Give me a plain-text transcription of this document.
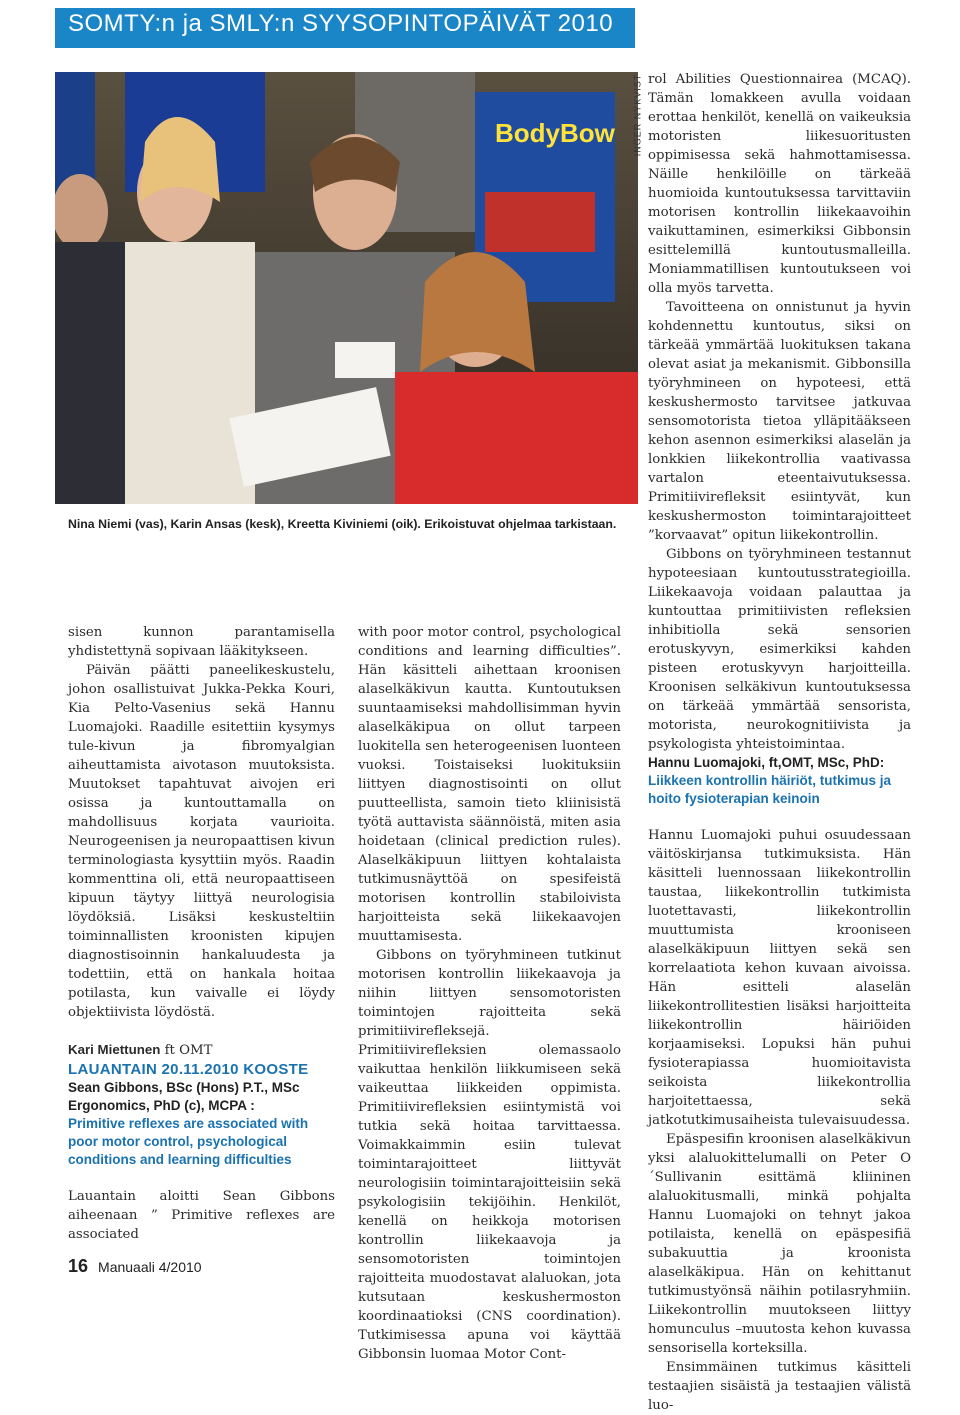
SOMTY:n ja SMLY:n SYYSOPINTOPÄIVÄT 2010
BodyBow INGER NYKVIST
Nina Niemi (vas), Karin Ansas (kesk), Kreetta Kiviniemi (oik). Erikoistuvat ohjelmaa tarkistaan.

sisen kunnon parantamisella yhdistettynä sopivaan lääkitykseen.

Päivän päätti paneelikeskustelu, johon osallistuivat Jukka-Pekka Kouri, Kia Pelto-Vasenius sekä Hannu Luomajoki. Raadille esitettiin kysymys tule-kivun ja fibromyalgian aiheuttamista aivotason muutoksista. Muutokset tapahtuvat aivojen eri osissa ja kuntouttamalla on mahdollisuus korjata vaurioita. Neurogeenisen ja neuropaattisen kivun terminologiasta kysyttiin myös. Raadin kommenttina oli, että neuropaattiseen kipuun täytyy liittyä neurologisia löydöksiä. Lisäksi keskusteltiin toiminnallisten kroonisten kipujen diagnostisoinnin hankaluudesta ja todettiin, että on hankala hoitaa potilasta, kun vaivalle ei löydy objektiivista löydöstä.

Kari Miettunen ft OMT

LAUANTAIN 20.11.2010 KOOSTE

Sean Gibbons, BSc (Hons) P.T., MSc Ergonomics, PhD (c), MCPA :
Primitive reflexes are associated with poor motor control, psychological conditions and learning difficulties

Lauantain aloitti Sean Gibbons aiheenaan ” Primitive reflexes are associated

with poor motor control, psychological conditions and learning difficulties”. Hän käsitteli aihettaan kroonisen alaselkäkivun kautta. Kuntoutuksen suuntaamiseksi mahdollisimman hyvin alaselkäkipua on ollut tarpeen luokitella sen heterogeenisen luonteen vuoksi. Toistaiseksi luokituksiin liittyen diagnostisointi on ollut puutteellista, samoin tieto kliinisistä työtä auttavista säännöistä, miten asia hoidetaan (clinical prediction rules). Alaselkäkipuun liittyen kohtalaista tutkimusnäyttöä on spesifeistä motorisen kontrollin stabiloivista harjoitteista sekä liikekaavojen muuttamisesta.

Gibbons on työryhmineen tutkinut motorisen kontrollin liikekaavoja ja niihin liittyen sensomotoristen toimintojen rajoitteita sekä primitiivirefleksejä. Primitiivirefleksien olemassaolo vaikuttaa henkilön liikkumiseen sekä vaikeuttaa liikkeiden oppimista. Primitiivirefleksien esiintymistä voi tutkia sekä hoitaa tarvittaessa. Voimakkaimmin esiin tulevat toimintarajoitteet liittyvät neurologisiin toimintarajoitteisiin sekä psykologisiin tekijöihin. Henkilöt, kenellä on heikkoja motorisen kontrollin liikekaavoja ja sensomotoristen toimintojen rajoitteita muodostavat alaluokan, jota kutsutaan keskushermoston koordinaatioksi (CNS coordination). Tutkimisessa apuna voi käyttää Gibbonsin luomaa Motor Cont-

rol Abilities Questionnairea (MCAQ). Tämän lomakkeen avulla voidaan erottaa henkilöt, kenellä on vaikeuksia motoristen liikesuoritusten oppimisessa sekä hahmottamisessa. Näille henkilöille on tärkeää huomioida kuntoutuksessa tarvittaviin motorisen kontrollin liikekaavoihin vaikuttaminen, esimerkiksi Gibbonsin esittelemillä kuntoutusmalleilla. Moniammatillisen kuntoutukseen voi olla myös tarvetta.

Tavoitteena on onnistunut ja hyvin kohdennettu kuntoutus, siksi on tärkeää ymmärtää luokituksen takana olevat asiat ja mekanismit. Gibbonsilla työryhmineen on hypoteesi, että keskushermosto tarvitsee jatkuvaa sensomotorista tietoa ylläpitääkseen kehon asennon esimerkiksi alaselän ja lonkkien liikekontrollia vaativassa vartalon eteentaivutuksessa. Primitiivirefleksit esiintyvät, kun keskushermoston toimintarajoitteet ”korvaavat” opitun liikekontrollin.

Gibbons on työryhmineen testannut hypoteesiaan kuntoutusstrategioilla. Liikekaavoja voidaan palauttaa ja kuntouttaa primitiivisten refleksien inhibitiolla sekä sensorien erotuskyvyn, esimerkiksi kahden pisteen erotuskyvyn harjoitteilla. Kroonisen selkäkivun kuntoutuksessa on tärkeää ymmärtää sensorista, motorista, neurokognitiivista ja psykologista yhteistoimintaa.

Hannu Luomajoki, ft,OMT, MSc, PhD:
Liikkeen kontrollin häiriöt, tutkimus ja hoito fysioterapian keinoin

Hannu Luomajoki puhui osuudessaan väitöskirjansa tutkimuksista. Hän käsitteli luennossaan liikekontrollin taustaa, liikekontrollin tutkimista luotettavasti, liikekontrollin muuttumista krooniseen alaselkäkipuun liittyen sekä sen korrelaatiota kehon kuvaan aivoissa. Hän esitteli alaselän liikekontrollitestien lisäksi harjoitteita liikekontrollin häiriöiden korjaamiseksi. Lopuksi hän puhui fysioterapiassa huomioitavista seikoista liikekontrollia harjoitettaessa, sekä jatkotutkimusaiheista tulevaisuudessa.

Epäspesifin kroonisen alaselkäkivun yksi alaluokittelumalli on Peter O´Sullivanin esittämä kliininen alaluokitusmalli, minkä pohjalta Hannu Luomajoki on tehnyt jakoa potilaista, kenellä on epäspesifiä subakuuttia ja kroonista alaselkäkipua. Hän on kehittanut tutkimustyönsä näihin potilasryhmiin. Liikekontrollin muutokseen liittyy homunculus –muutosta kehon kuvassa sensorisella korteksilla.

Ensimmäinen tutkimus käsitteli testaajien sisäistä ja testaajien välistä luo-

16 Manuaali 4/2010
